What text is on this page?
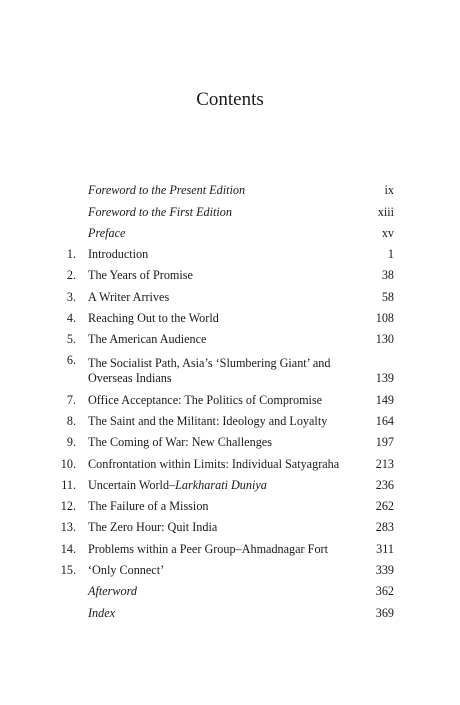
Contents
Foreword to the Present Edition	ix
Foreword to the First Edition	xiii
Preface	xv
1. Introduction	1
2. The Years of Promise	38
3. A Writer Arrives	58
4. Reaching Out to the World	108
5. The American Audience	130
6. The Socialist Path, Asia’s ‘Slumbering Giant’ and
Overseas Indians	139
7. Office Acceptance: The Politics of Compromise	149
8. The Saint and the Militant: Ideology and Loyalty	164
9. The Coming of War: New Challenges	197
10. Confrontation within Limits: Individual Satyagraha	213
11. Uncertain World–Larkharati Duniya	236
12. The Failure of a Mission	262
13. The Zero Hour: Quit India	283
14. Problems within a Peer Group–Ahmadnagar Fort	311
15. ‘Only Connect’	339
Afterword	362
Index	369
